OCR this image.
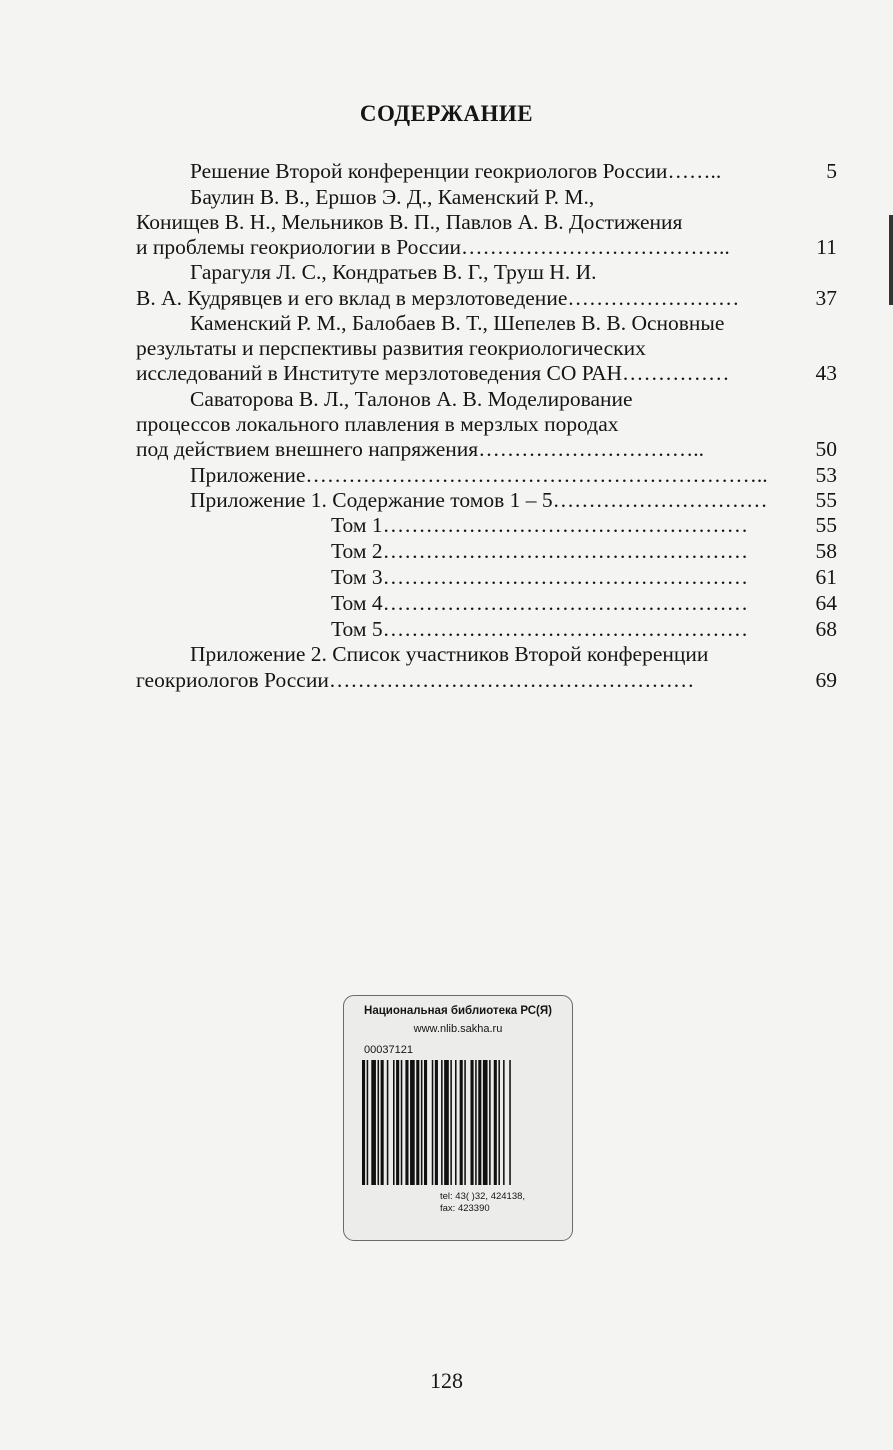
СОДЕРЖАНИЕ
Решение Второй конференции геокриологов России……..	5
Баулин В. В., Ершов Э. Д., Каменский Р. М.,
Конищев В. Н., Мельников В. П., Павлов А. В. Достижения
и проблемы геокриологии в России………………………………..	11
Гарагуля Л. С., Кондратьев В. Г., Труш Н. И.
В. А. Кудрявцев и его вклад в мерзлотоведение……………………	37
Каменский Р. М., Балобаев В. Т., Шепелев В. В. Основные
результаты и перспективы развития геокриологических
исследований в Институте мерзлотоведения СО РАН……………	43
Саваторова В. Л., Талонов А. В. Моделирование
процессов локального плавления в мерзлых породах
под действием внешнего напряжения…………………………..	50
Приложение……………………………………………………….. 53
Приложение 1. Содержание томов 1 – 5………………………… 55
Том 1……………………………………………	55
Том 2……………………………………………	58
Том 3……………………………………………	61
Том 4……………………………………………	64
Том 5……………………………………………	68
Приложение 2. Список участников Второй конференции
геокриологов России……………………………………………	69
Национальная библиотека РС(Я)
www.nlib.sakha.ru
00037121
tel: 43( )32, 424138,
fax: 423390
128
